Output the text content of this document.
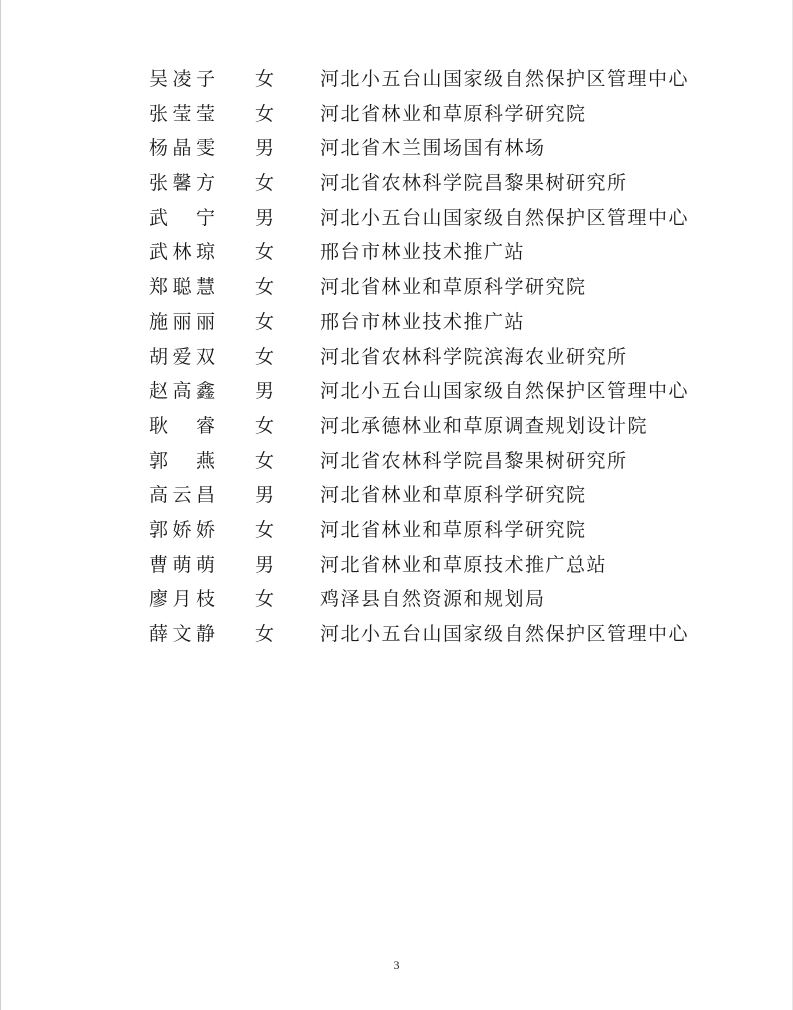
吴凌子 女 河北小五台山国家级自然保护区管理中心
张莹莹 女 河北省林业和草原科学研究院
杨晶雯 男 河北省木兰围场国有林场
张馨方 女 河北省农林科学院昌黎果树研究所
武宁 男 河北小五台山国家级自然保护区管理中心
武林琼 女 邢台市林业技术推广站
郑聪慧 女 河北省林业和草原科学研究院
施丽丽 女 邢台市林业技术推广站
胡爱双 女 河北省农林科学院滨海农业研究所
赵高鑫 男 河北小五台山国家级自然保护区管理中心
耿睿 女 河北承德林业和草原调查规划设计院
郭燕 女 河北省农林科学院昌黎果树研究所
高云昌 男 河北省林业和草原科学研究院
郭娇娇 女 河北省林业和草原科学研究院
曹萌萌 男 河北省林业和草原技术推广总站
廖月枝 女 鸡泽县自然资源和规划局
薛文静 女 河北小五台山国家级自然保护区管理中心
3
